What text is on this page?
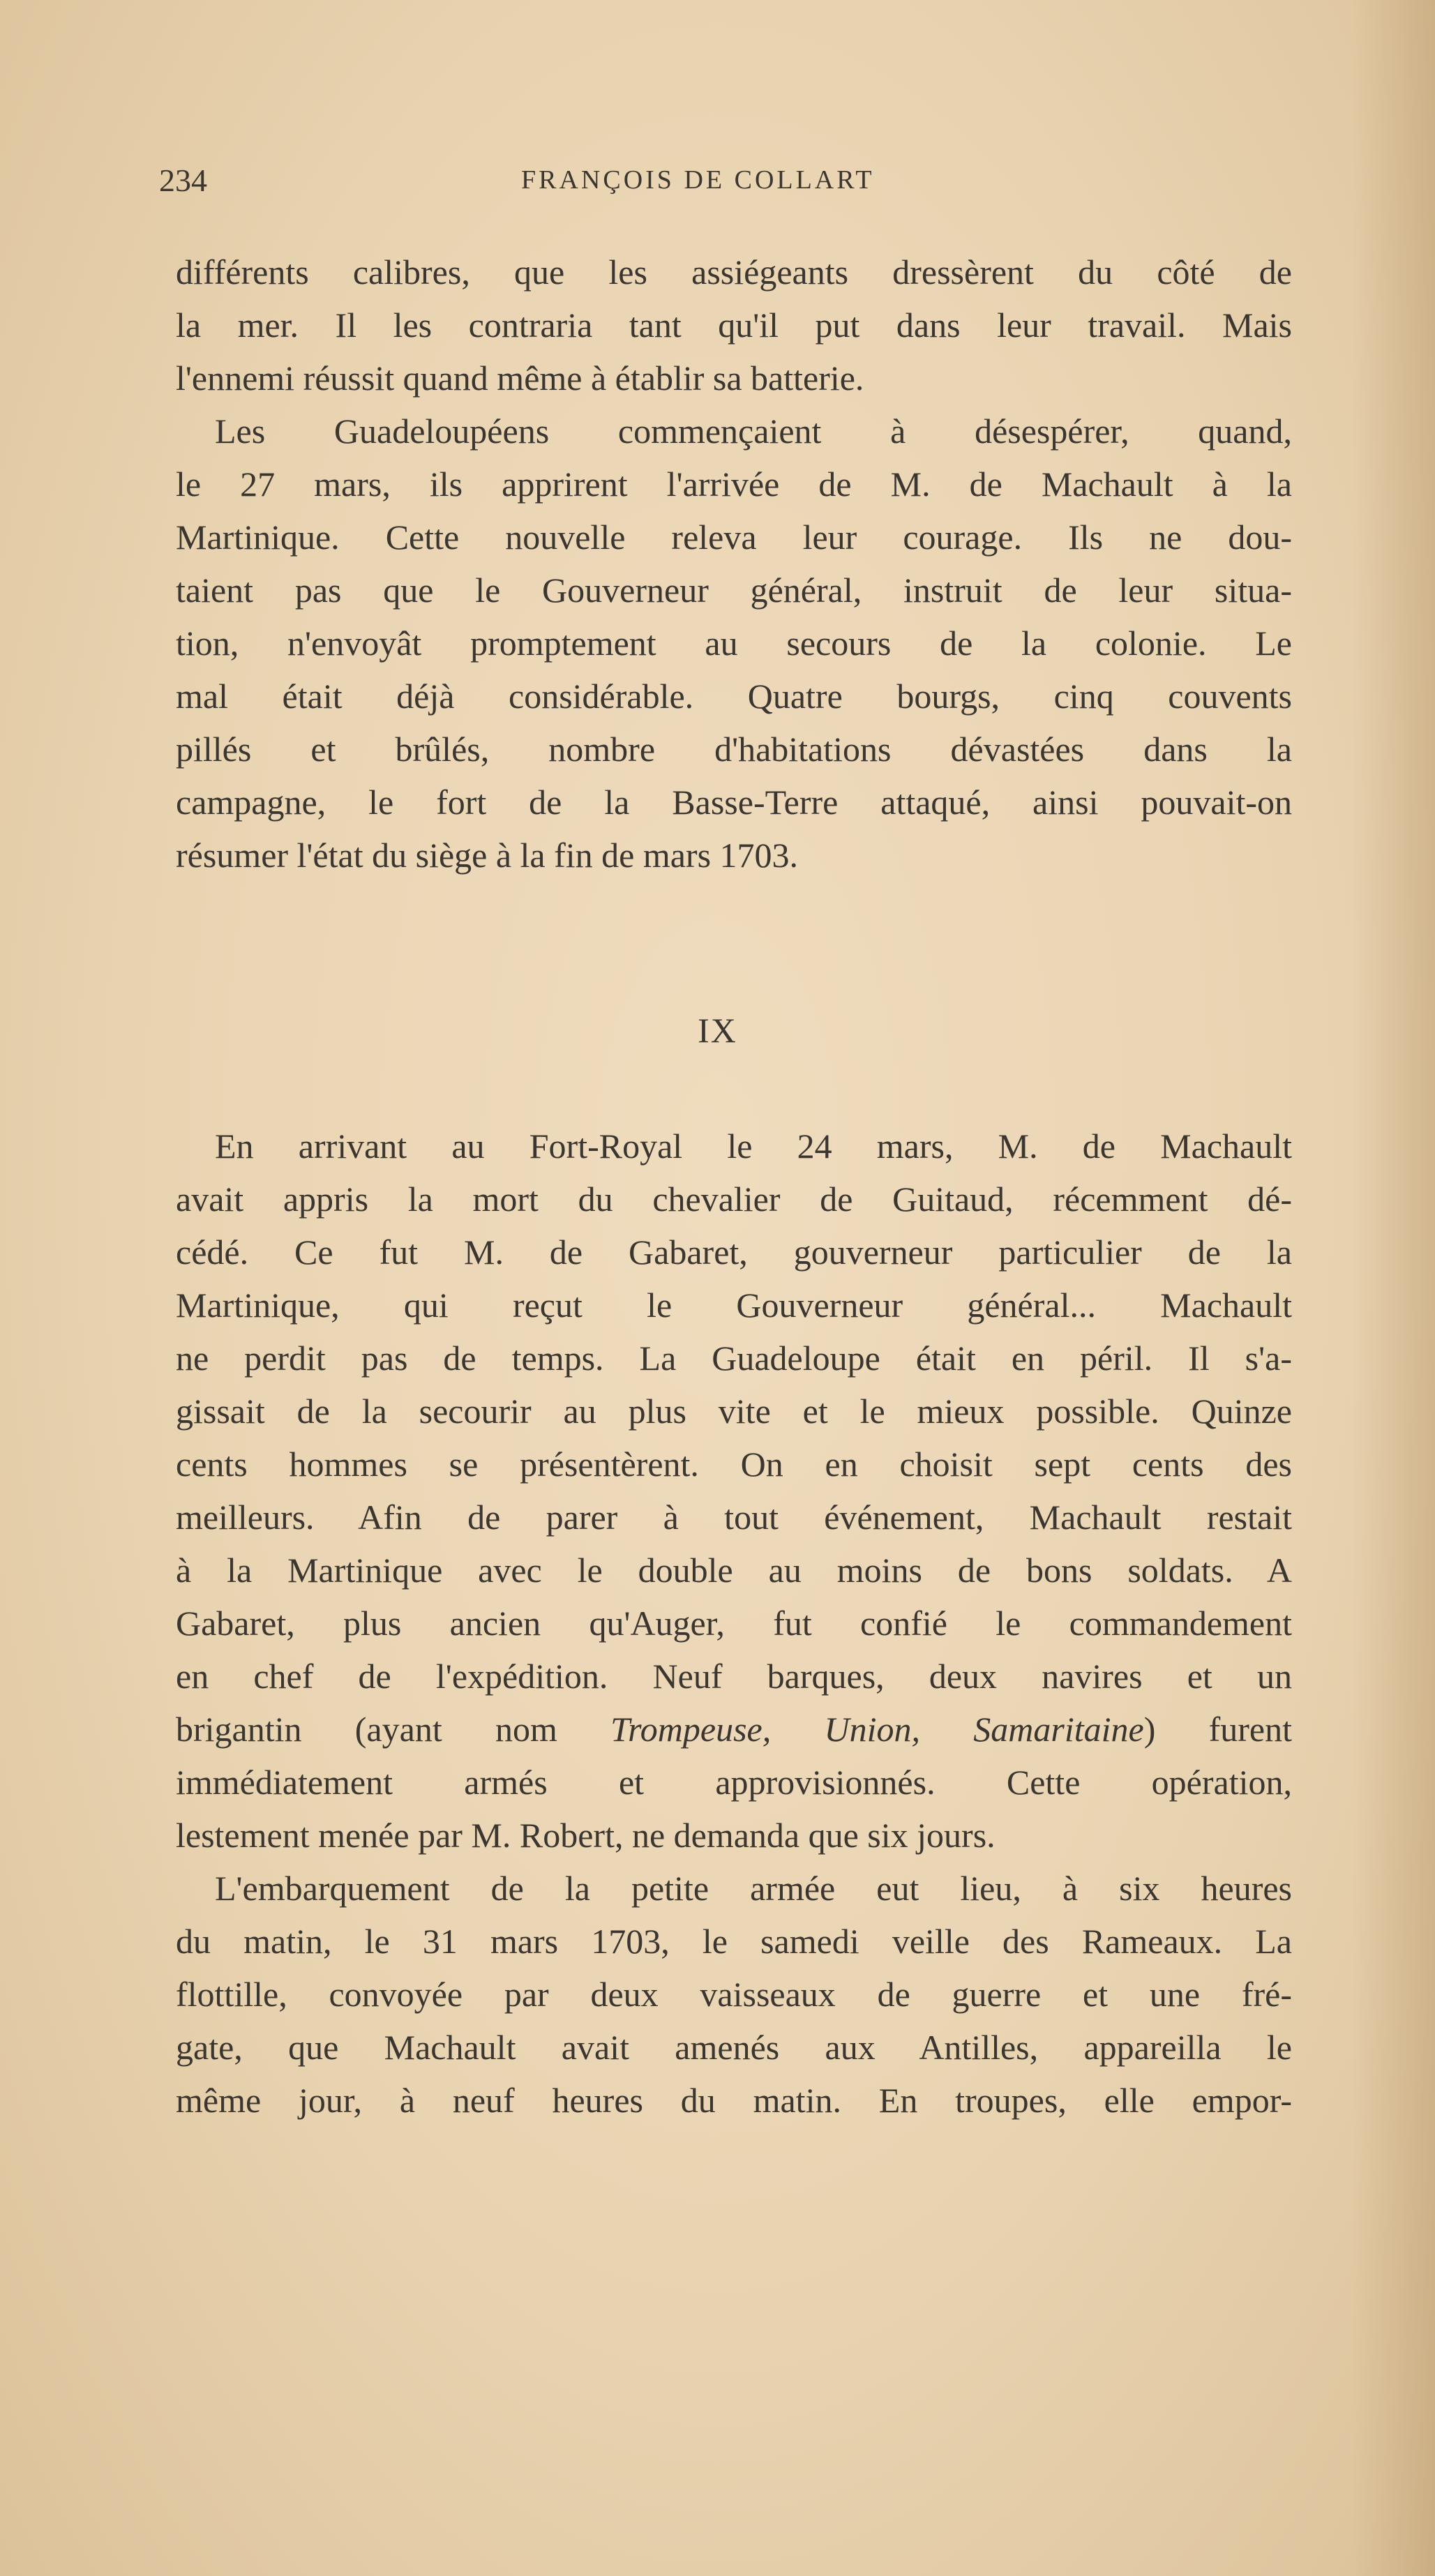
234	FRANÇOIS DE COLLART

différents calibres, que les assiégeants dressèrent du côté de

la mer. Il les contraria tant qu'il put dans leur travail. Mais

l'ennemi réussit quand même à établir sa batterie.

Les Guadeloupéens commençaient à désespérer, quand,

le 27 mars, ils apprirent l'arrivée de M. de Machault à la

Martinique. Cette nouvelle releva leur courage. Ils ne dou-

taient pas que le Gouverneur général, instruit de leur situa-

tion, n'envoyât promptement au secours de la colonie. Le

mal était déjà considérable. Quatre bourgs, cinq couvents

pillés et brûlés, nombre d'habitations dévastées dans la

campagne, le fort de la Basse-Terre attaqué, ainsi pouvait-on

résumer l'état du siège à la fin de mars 1703.

IX

En arrivant au Fort-Royal le 24 mars, M. de Machault

avait appris la mort du chevalier de Guitaud, récemment dé-

cédé. Ce fut M. de Gabaret, gouverneur particulier de la

Martinique, qui reçut le Gouverneur général... Machault

ne perdit pas de temps. La Guadeloupe était en péril. Il s'a-

gissait de la secourir au plus vite et le mieux possible. Quinze

cents hommes se présentèrent. On en choisit sept cents des

meilleurs. Afin de parer à tout événement, Machault restait

à la Martinique avec le double au moins de bons soldats. A

Gabaret, plus ancien qu'Auger, fut confié le commandement

en chef de l'expédition. Neuf barques, deux navires et un

brigantin (ayant nom Trompeuse, Union, Samaritaine) furent

immédiatement armés et approvisionnés. Cette opération,

lestement menée par M. Robert, ne demanda que six jours.

L'embarquement de la petite armée eut lieu, à six heures

du matin, le 31 mars 1703, le samedi veille des Rameaux. La

flottille, convoyée par deux vaisseaux de guerre et une fré-

gate, que Machault avait amenés aux Antilles, appareilla le

même jour, à neuf heures du matin. En troupes, elle empor-
